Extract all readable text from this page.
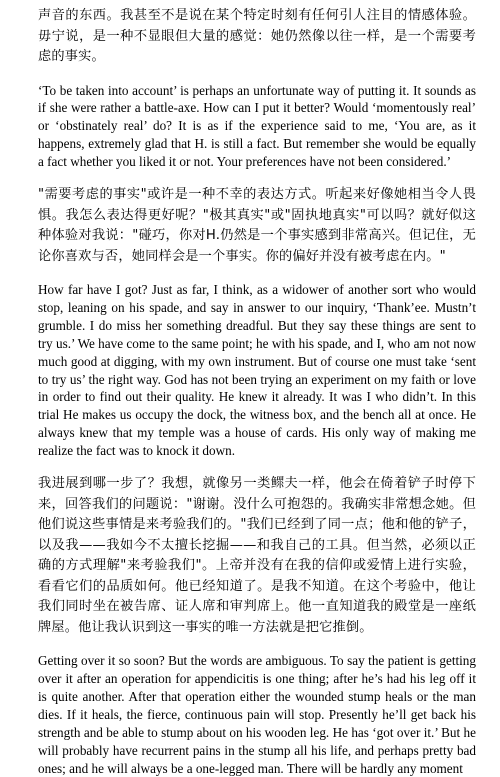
声音的东西。我甚至不是说在某个特定时刻有任何引人注目的情感体验。毋宁说，是一种不显眼但大量的感觉：她仍然像以往一样，是一个需要考虑的事实。

‘To be taken into account’ is perhaps an unfortunate way of putting it. It sounds as if she were rather a battle-axe. How can I put it better? Would ‘momentously real’ or ‘obstinately real’ do? It is as if the experience said to me, ‘You are, as it happens, extremely glad that H. is still a fact. But remember she would be equally a fact whether you liked it or not. Your preferences have not been considered.’

"需要考虑的事实"或许是一种不幸的表达方式。听起来好像她相当令人畏惧。我怎么表达得更好呢？"极其真实"或"固执地真实"可以吗？就好似这种体验对我说："碰巧，你对H.仍然是一个事实感到非常高兴。但记住，无论你喜欢与否，她同样会是一个事实。你的偏好并没有被考虑在内。"

How far have I got? Just as far, I think, as a widower of another sort who would stop, leaning on his spade, and say in answer to our inquiry, ‘Thank’ee. Mustn’t grumble. I do miss her something dreadful. But they say these things are sent to try us.’ We have come to the same point; he with his spade, and I, who am not now much good at digging, with my own instrument. But of course one must take ‘sent to try us’ the right way. God has not been trying an experiment on my faith or love in order to find out their quality. He knew it already. It was I who didn’t. In this trial He makes us occupy the dock, the witness box, and the bench all at once. He always knew that my temple was a house of cards. His only way of making me realize the fact was to knock it down.

我进展到哪一步了？我想，就像另一类鳏夫一样，他会在倚着铲子时停下来，回答我们的问题说："谢谢。没什么可抱怨的。我确实非常想念她。但他们说这些事情是来考验我们的。"我们已经到了同一点；他和他的铲子，以及我——我如今不太擅长挖掘——和我自己的工具。但当然，必须以正确的方式理解"来考验我们"。上帝并没有在我的信仰或爱情上进行实验，看看它们的品质如何。他已经知道了。是我不知道。在这个考验中，他让我们同时坐在被告席、证人席和审判席上。他一直知道我的殿堂是一座纸牌屋。他让我认识到这一事实的唯一方法就是把它推倒。

Getting over it so soon? But the words are ambiguous. To say the patient is getting over it after an operation for appendicitis is one thing; after he’s had his leg off it is quite another. After that operation either the wounded stump heals or the man dies. If it heals, the fierce, continuous pain will stop. Presently he’ll get back his strength and be able to stump about on his wooden leg. He has ‘got over it.’ But he will probably have recurrent pains in the stump all his life, and perhaps pretty bad ones; and he will always be a one-legged man. There will be hardly any moment
